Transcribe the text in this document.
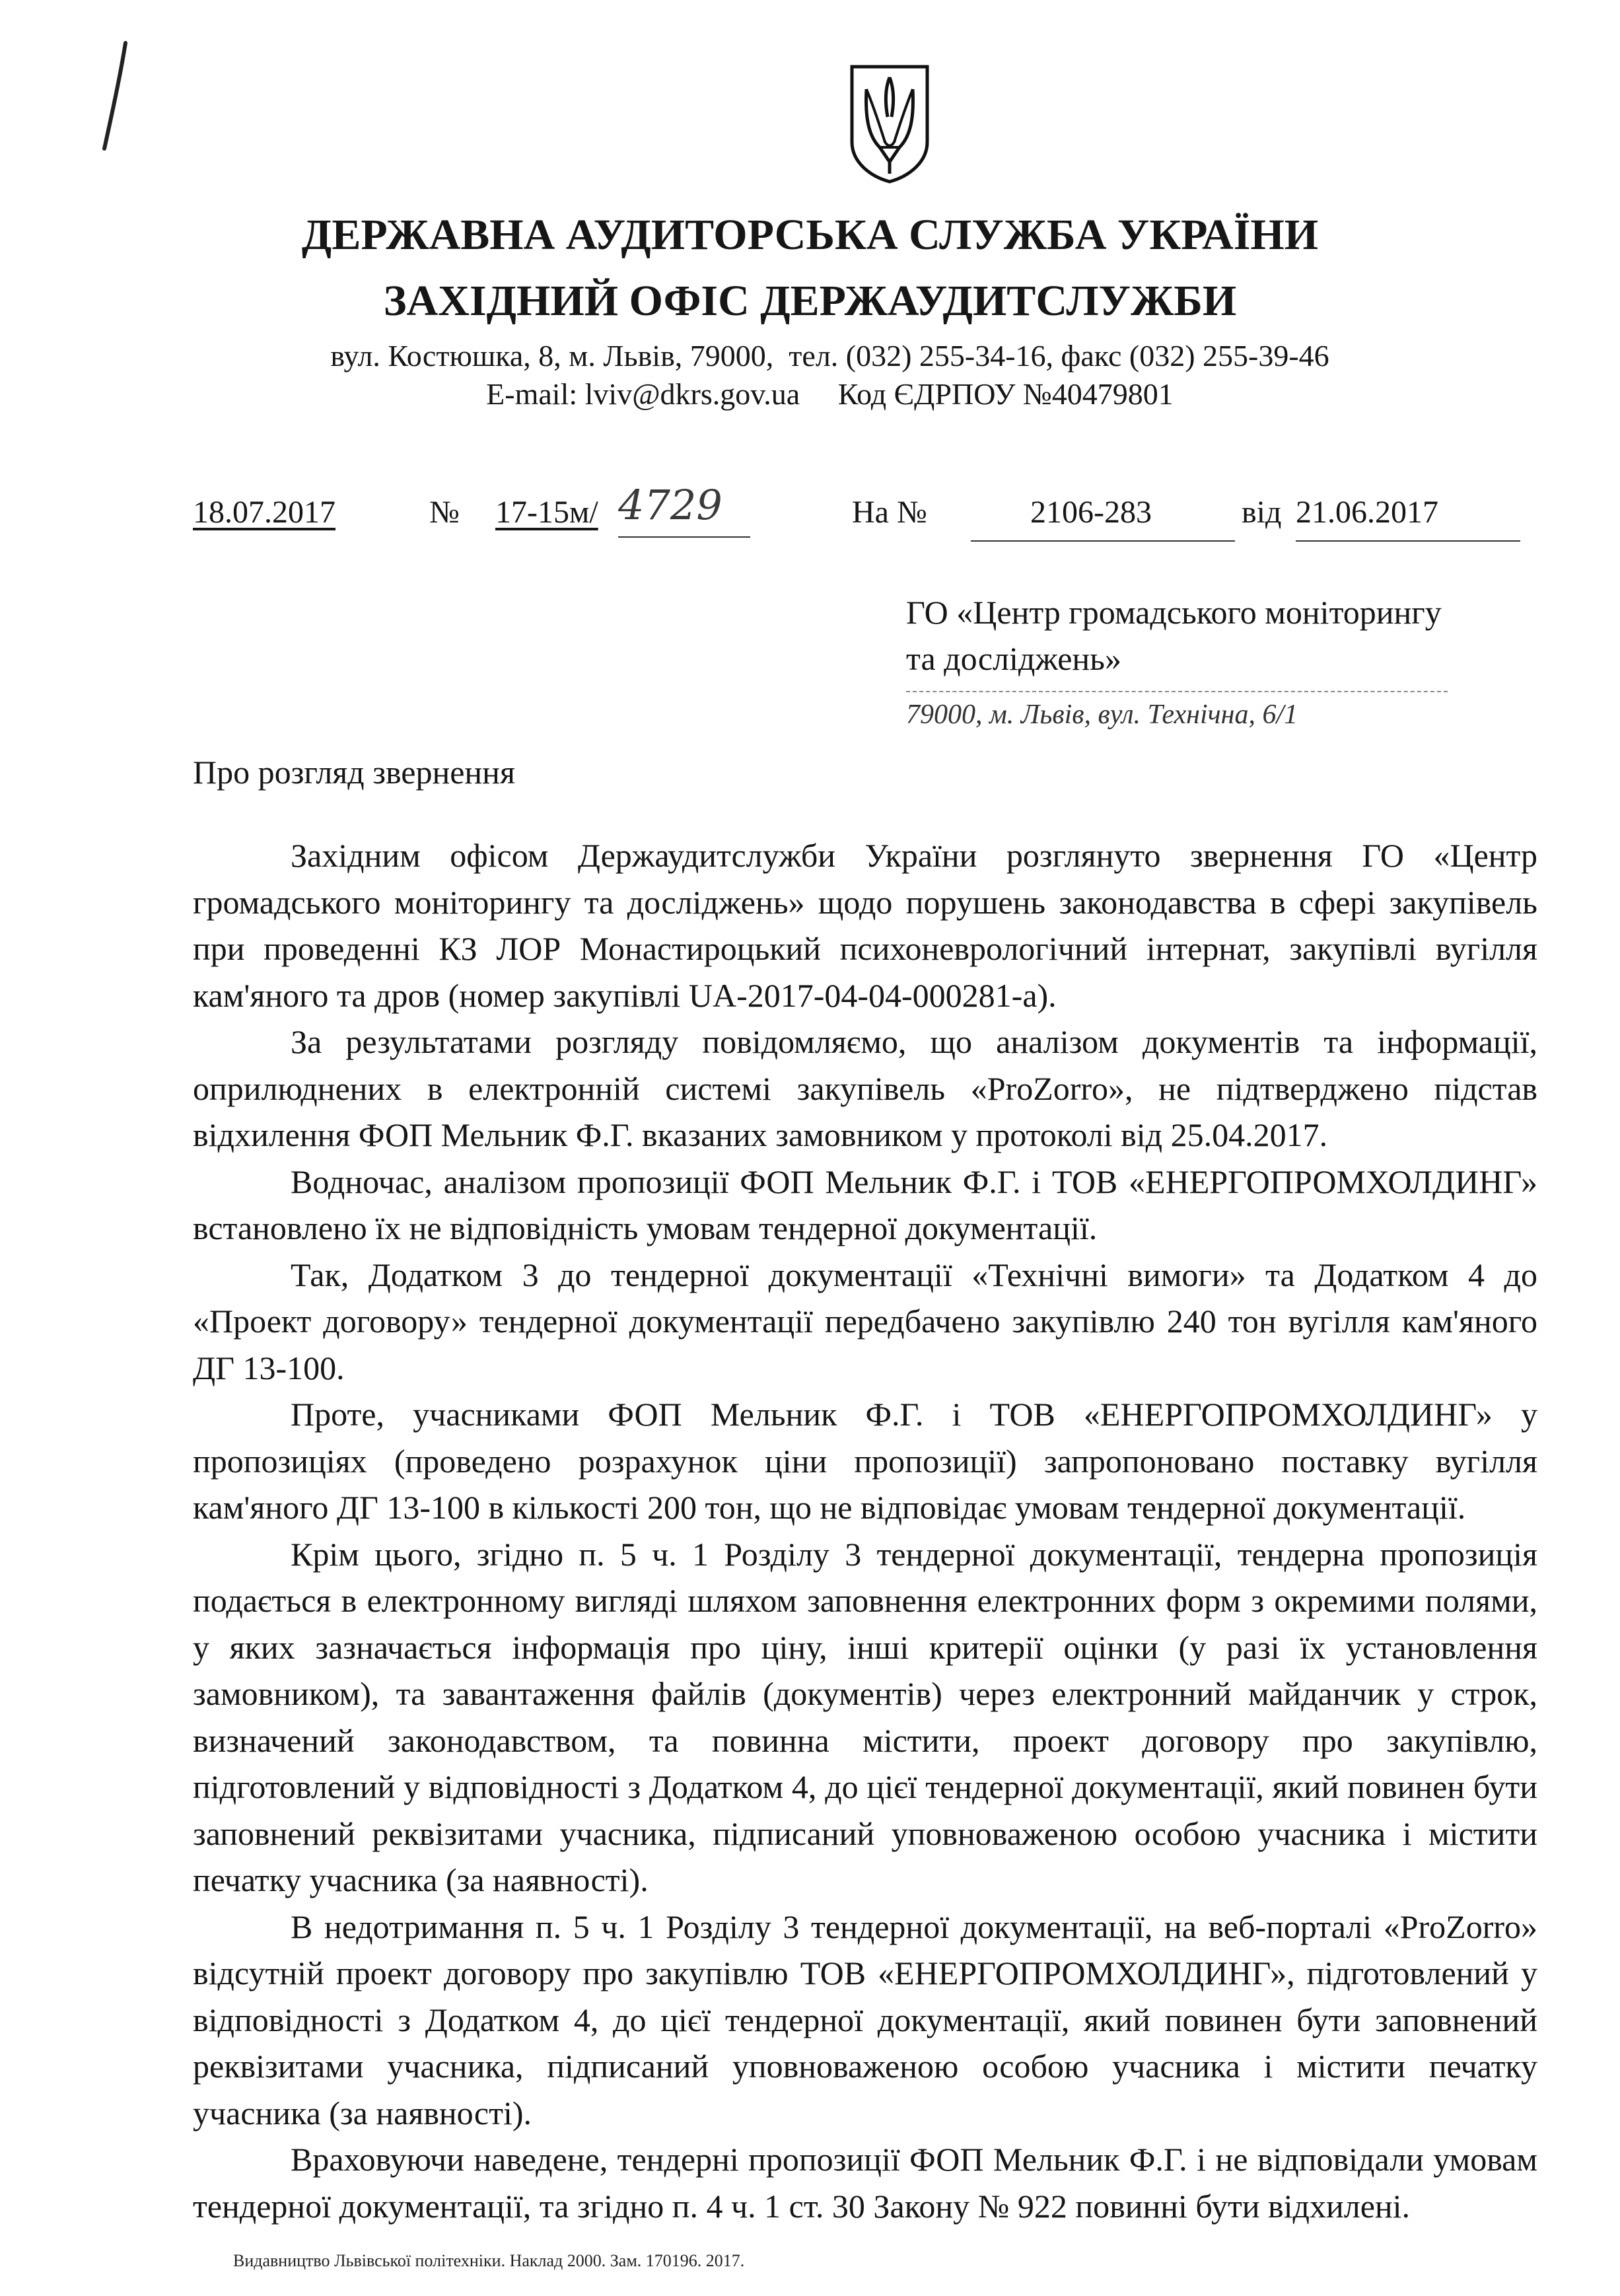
ДЕРЖАВНА АУДИТОРСЬКА СЛУЖБА УКРАЇНИ
ЗАХІДНИЙ ОФІС ДЕРЖАУДИТСЛУЖБИ
вул. Костюшка, 8, м. Львів, 79000,  тел. (032) 255-34-16, факс (032) 255-39-46
E-mail: lviv@dkrs.gov.ua     Код ЄДРПОУ №40479801
18.07.2017	№ 17-15м/ 4729	На №	2106-283	від 21.06.2017
ГО «Центр громадського моніторингу
та досліджень»
79000, м. Львів, вул. Технічна, 6/1
Про розгляд звернення

Західним офісом Держаудитслужби України розглянуто звернення ГО «Центр громадського моніторингу та досліджень» щодо порушень законодавства в сфері закупівель при проведенні КЗ ЛОР Монастироцький психоневрологічний інтернат, закупівлі вугілля кам'яного та дров (номер закупівлі UA-2017-04-04-000281-a).

За результатами розгляду повідомляємо, що аналізом документів та інформації, оприлюднених в електронній системі закупівель «ProZorro», не підтверджено підстав відхилення ФОП Мельник Ф.Г. вказаних замовником у протоколі від 25.04.2017.

Водночас, аналізом пропозиції ФОП Мельник Ф.Г. і ТОВ «ЕНЕРГОПРОМХОЛДИНГ» встановлено їх не відповідність умовам тендерної документації.

Так, Додатком 3 до тендерної документації «Технічні вимоги» та Додатком 4 до «Проект договору» тендерної документації передбачено закупівлю 240 тон вугілля кам'яного ДГ 13-100.

Проте, учасниками ФОП Мельник Ф.Г. і ТОВ «ЕНЕРГОПРОМХОЛДИНГ» у пропозиціях (проведено розрахунок ціни пропозиції) запропоновано поставку вугілля кам'яного ДГ 13-100 в кількості 200 тон, що не відповідає умовам тендерної документації.

Крім цього, згідно п. 5 ч. 1 Розділу 3 тендерної документації, тендерна пропозиція подається в електронному вигляді шляхом заповнення електронних форм з окремими полями, у яких зазначається інформація про ціну, інші критерії оцінки (у разі їх установлення замовником), та завантаження файлів (документів) через електронний майданчик у строк, визначений законодавством, та повинна містити, проект договору про закупівлю, підготовлений у відповідності з Додатком 4, до цієї тендерної документації, який повинен бути заповнений реквізитами учасника, підписаний уповноваженою особою учасника і містити печатку учасника (за наявності).

В недотримання п. 5 ч. 1 Розділу 3 тендерної документації, на веб-порталі «ProZorro» відсутній проект договору про закупівлю ТОВ «ЕНЕРГОПРОМХОЛДИНГ», підготовлений у відповідності з Додатком 4, до цієї тендерної документації, який повинен бути заповнений реквізитами учасника, підписаний уповноваженою особою учасника і містити печатку учасника (за наявності).

Враховуючи наведене, тендерні пропозиції ФОП Мельник Ф.Г. і не відповідали умовам тендерної документації, та згідно п. 4 ч. 1 ст. 30 Закону № 922 повинні бути відхилені.

Видавництво Львівської політехніки. Наклад 2000. Зам. 170196. 2017.
